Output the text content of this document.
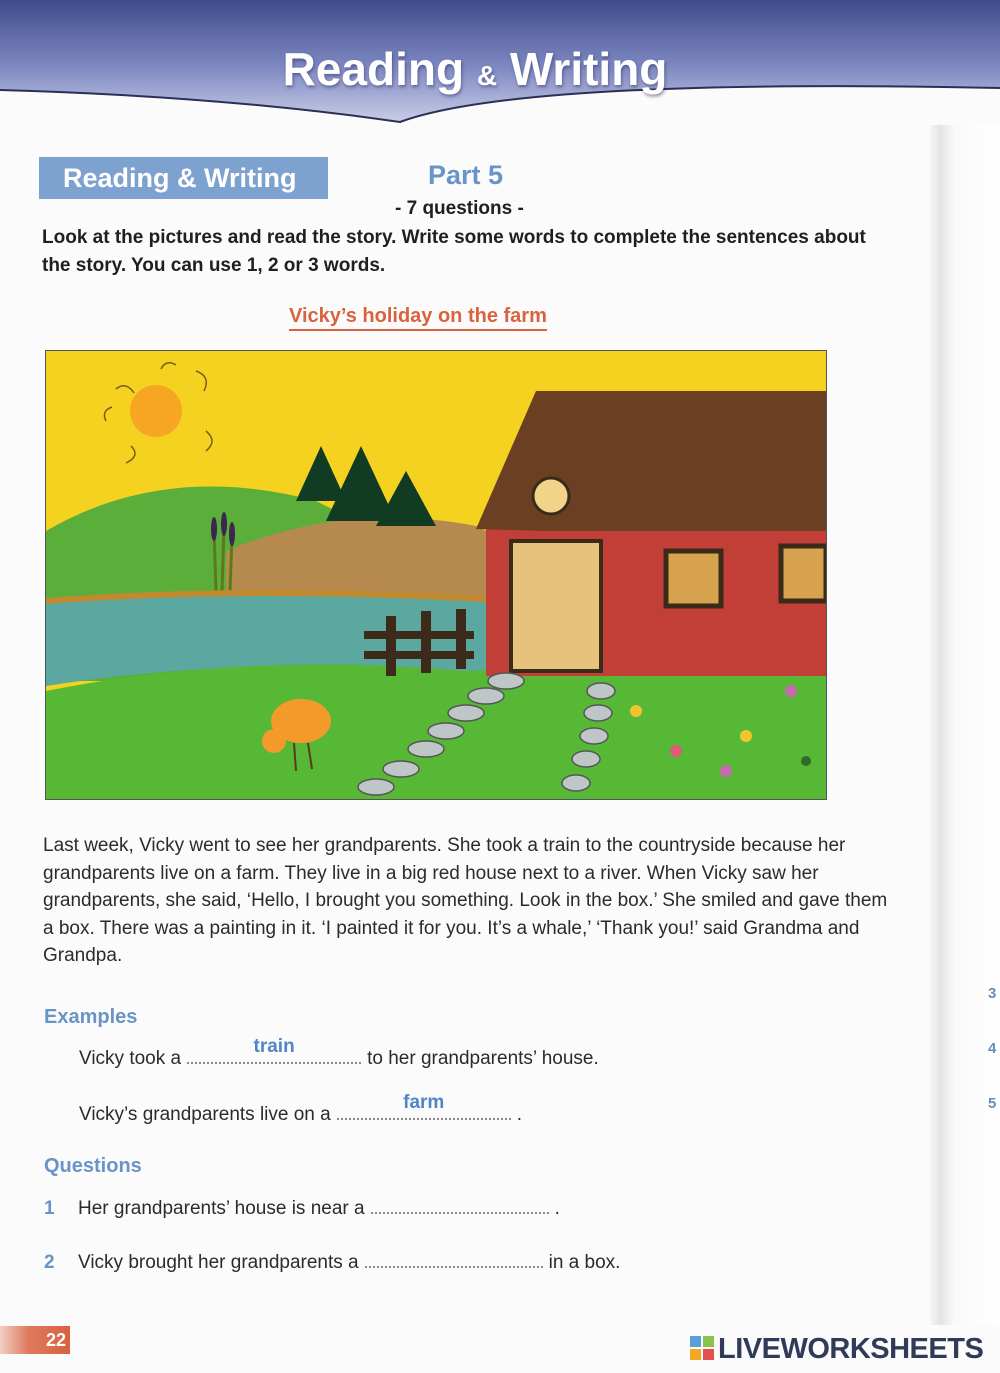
Reading & Writing
3
4
5
Reading & Writing	Part 5
- 7 questions -
Look at the pictures and read the story. Write some words to complete the sentences about the story. You can use 1, 2 or 3 words.
Vicky’s holiday on the farm

Last week, Vicky went to see her grandparents. She took a train to the countryside because her grandparents live on a farm. They live in a big red house next to a river. When Vicky saw her grandparents, she said, ‘Hello, I brought you something. Look in the box.’ She smiled and gave them a box. There was a painting in it. ‘I painted it for you. It’s a whale,’ ‘Thank you!’ said Grandma and Grandpa.

Examples
Vicky took a
train
to her grandparents’ house.
Vicky’s grandparents live on a
farm
.
Questions
1 Her grandparents’ house is near a	.
2 Vicky brought her grandparents a	in a box.
22	LIVEWORKSHEETS
